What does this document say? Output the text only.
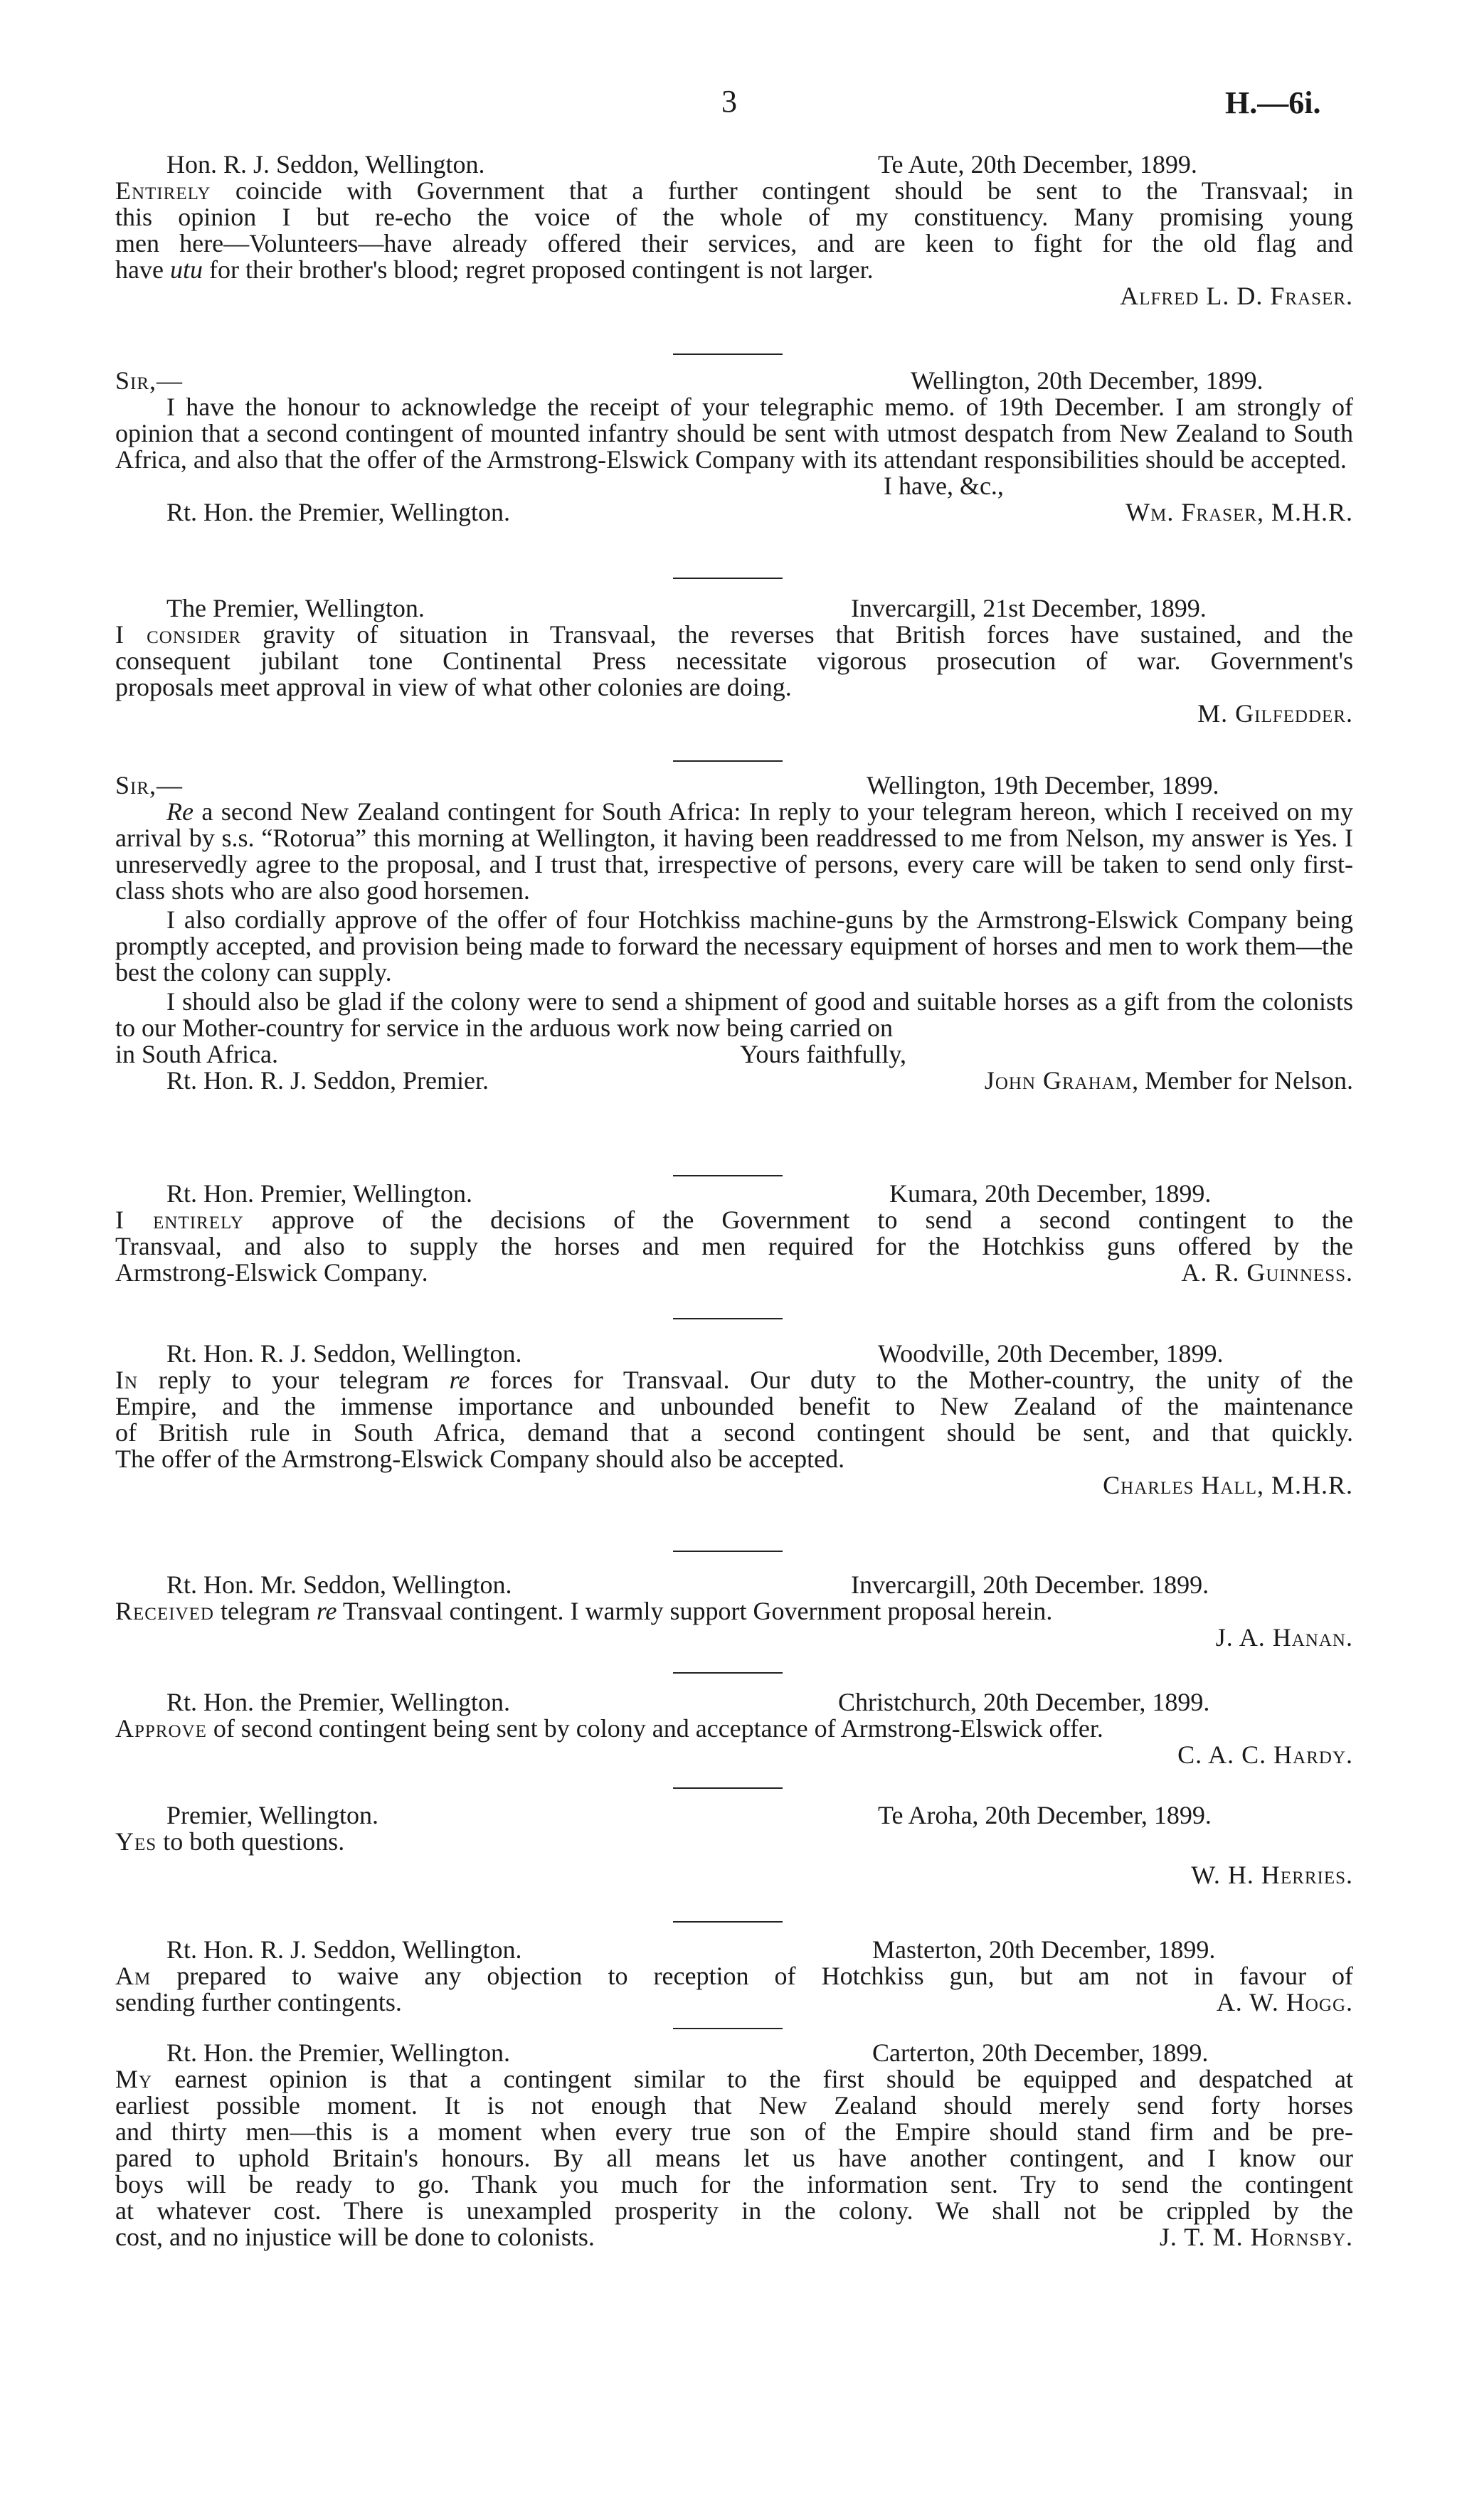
3	H.—6i.
Hon. R. J. Seddon, Wellington.	Te Aute, 20th December, 1899.
Entirely coincide with Government that a further contingent should be sent to the Transvaal; in
this opinion I but re-echo the voice of the whole of my constituency. Many promising young
men here—Volunteers—have already offered their services, and are keen to fight for the old flag and
have utu for their brother's blood; regret proposed contingent is not larger.
Alfred L. D. Fraser.
Sir,—	Wellington, 20th December, 1899.
I have the honour to acknowledge the receipt of your telegraphic memo. of 19th December. I am strongly of opinion that a second contingent of mounted infantry should be sent with utmost despatch from New Zealand to South Africa, and also that the offer of the Armstrong-Elswick Company with its attendant responsibilities should be accepted.
I have, &c.,
Rt. Hon. the Premier, Wellington.	Wm. Fraser, M.H.R.
The Premier, Wellington.	Invercargill, 21st December, 1899.
I consider gravity of situation in Transvaal, the reverses that British forces have sustained, and the
consequent jubilant tone Continental Press necessitate vigorous prosecution of war. Government's
proposals meet approval in view of what other colonies are doing.
M. Gilfedder.
Sir,—	Wellington, 19th December, 1899.
Re a second New Zealand contingent for South Africa: In reply to your telegram hereon, which I received on my arrival by s.s. “Rotorua” this morning at Wellington, it having been readdressed to me from Nelson, my answer is Yes. I unreservedly agree to the proposal, and I trust that, irrespective of persons, every care will be taken to send only first-class shots who are also good horsemen.
I also cordially approve of the offer of four Hotchkiss machine-guns by the Armstrong-Elswick Company being promptly accepted, and provision being made to forward the necessary equipment of horses and men to work them—the best the colony can supply.
I should also be glad if the colony were to send a shipment of good and suitable horses as a gift from the colonists to our Mother-country for service in the arduous work now being carried on
in South Africa.	Yours faithfully,
Rt. Hon. R. J. Seddon, Premier.	John Graham, Member for Nelson.
Rt. Hon. Premier, Wellington.	Kumara, 20th December, 1899.
I entirely approve of the decisions of the Government to send a second contingent to the
Transvaal, and also to supply the horses and men required for the Hotchkiss guns offered by the
Armstrong-Elswick Company.	A. R. Guinness.
Rt. Hon. R. J. Seddon, Wellington.	Woodville, 20th December, 1899.
In reply to your telegram re forces for Transvaal. Our duty to the Mother-country, the unity of the
Empire, and the immense importance and unbounded benefit to New Zealand of the maintenance
of British rule in South Africa, demand that a second contingent should be sent, and that quickly.
The offer of the Armstrong-Elswick Company should also be accepted.
Charles Hall, M.H.R.
Rt. Hon. Mr. Seddon, Wellington.	Invercargill, 20th December. 1899.
Received telegram re Transvaal contingent. I warmly support Government proposal herein.
J. A. Hanan.
Rt. Hon. the Premier, Wellington.	Christchurch, 20th December, 1899.
Approve of second contingent being sent by colony and acceptance of Armstrong-Elswick offer.
C. A. C. Hardy.
Premier, Wellington.	Te Aroha, 20th December, 1899.
Yes to both questions.
W. H. Herries.
Rt. Hon. R. J. Seddon, Wellington.	Masterton, 20th December, 1899.
Am prepared to waive any objection to reception of Hotchkiss gun, but am not in favour of
sending further contingents.	A. W. Hogg.
Rt. Hon. the Premier, Wellington.	Carterton, 20th December, 1899.
My earnest opinion is that a contingent similar to the first should be equipped and despatched at
earliest possible moment. It is not enough that New Zealand should merely send forty horses
and thirty men—this is a moment when every true son of the Empire should stand firm and be pre-
pared to uphold Britain's honours. By all means let us have another contingent, and I know our
boys will be ready to go. Thank you much for the information sent. Try to send the contingent
at whatever cost. There is unexampled prosperity in the colony. We shall not be crippled by the
cost, and no injustice will be done to colonists.	J. T. M. Hornsby.
